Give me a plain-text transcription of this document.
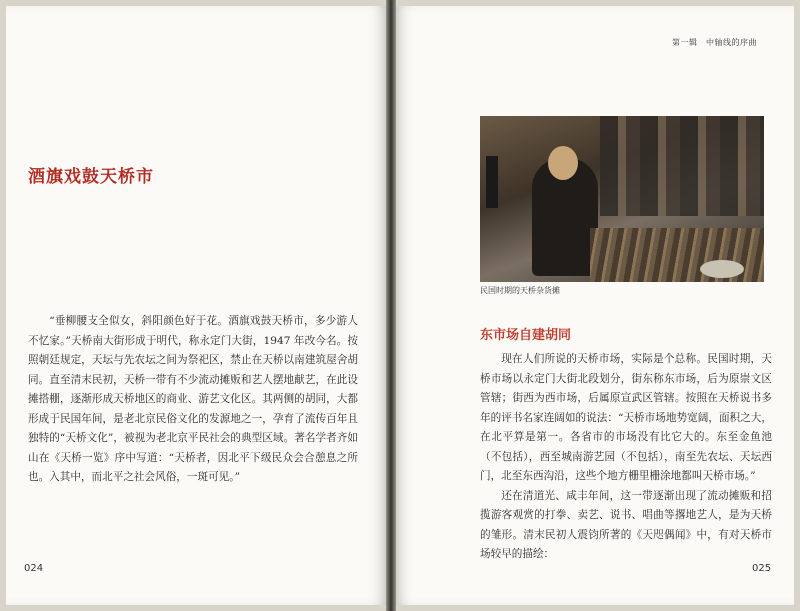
酒旗戏鼓天桥市

“垂柳腰支全似女，斜阳颜色好于花。酒旗戏鼓天桥市，多少游人不忆家。”天桥南大街形成于明代，称永定门大街，1947 年改今名。按照朝廷规定，天坛与先农坛之间为祭祀区，禁止在天桥以南建筑屋舍胡同。直至清末民初，天桥一带有不少流动摊贩和艺人摆地献艺，在此设摊搭棚，逐渐形成天桥地区的商业、游艺文化区。其两侧的胡同，大都形成于民国年间，是老北京民俗文化的发源地之一，孕育了流传百年且独特的“天桥文化”，被视为老北京平民社会的典型区域。著名学者齐如山在《天桥一览》序中写道：“天桥者，因北平下级民众会合憩息之所也。入其中，而北平之社会风俗，一斑可见。”

024
第一辑　中轴线的序曲
民国时期的天桥杂货摊
东市场自建胡同

现在人们所说的天桥市场，实际是个总称。民国时期，天桥市场以永定门大街北段划分，街东称东市场，后为原崇文区管辖；街西为西市场，后属原宣武区管辖。按照在天桥说书多年的评书名家连阔如的说法：“天桥市场地势宽阔，面积之大，在北平算是第一。各省市的市场没有比它大的。东至金鱼池（不包括），西至城南游艺园（不包括），南至先农坛、天坛西门，北至东西沟沿，这些个地方栅里栅涂地都叫天桥市场。”

还在清道光、咸丰年间，这一带逐渐出现了流动摊贩和招揽游客观赏的打拳、卖艺、说书、唱曲等撂地艺人，是为天桥的雏形。清末民初人震钧所著的《天咫偶闻》中，有对天桥市场较早的描绘：

025
